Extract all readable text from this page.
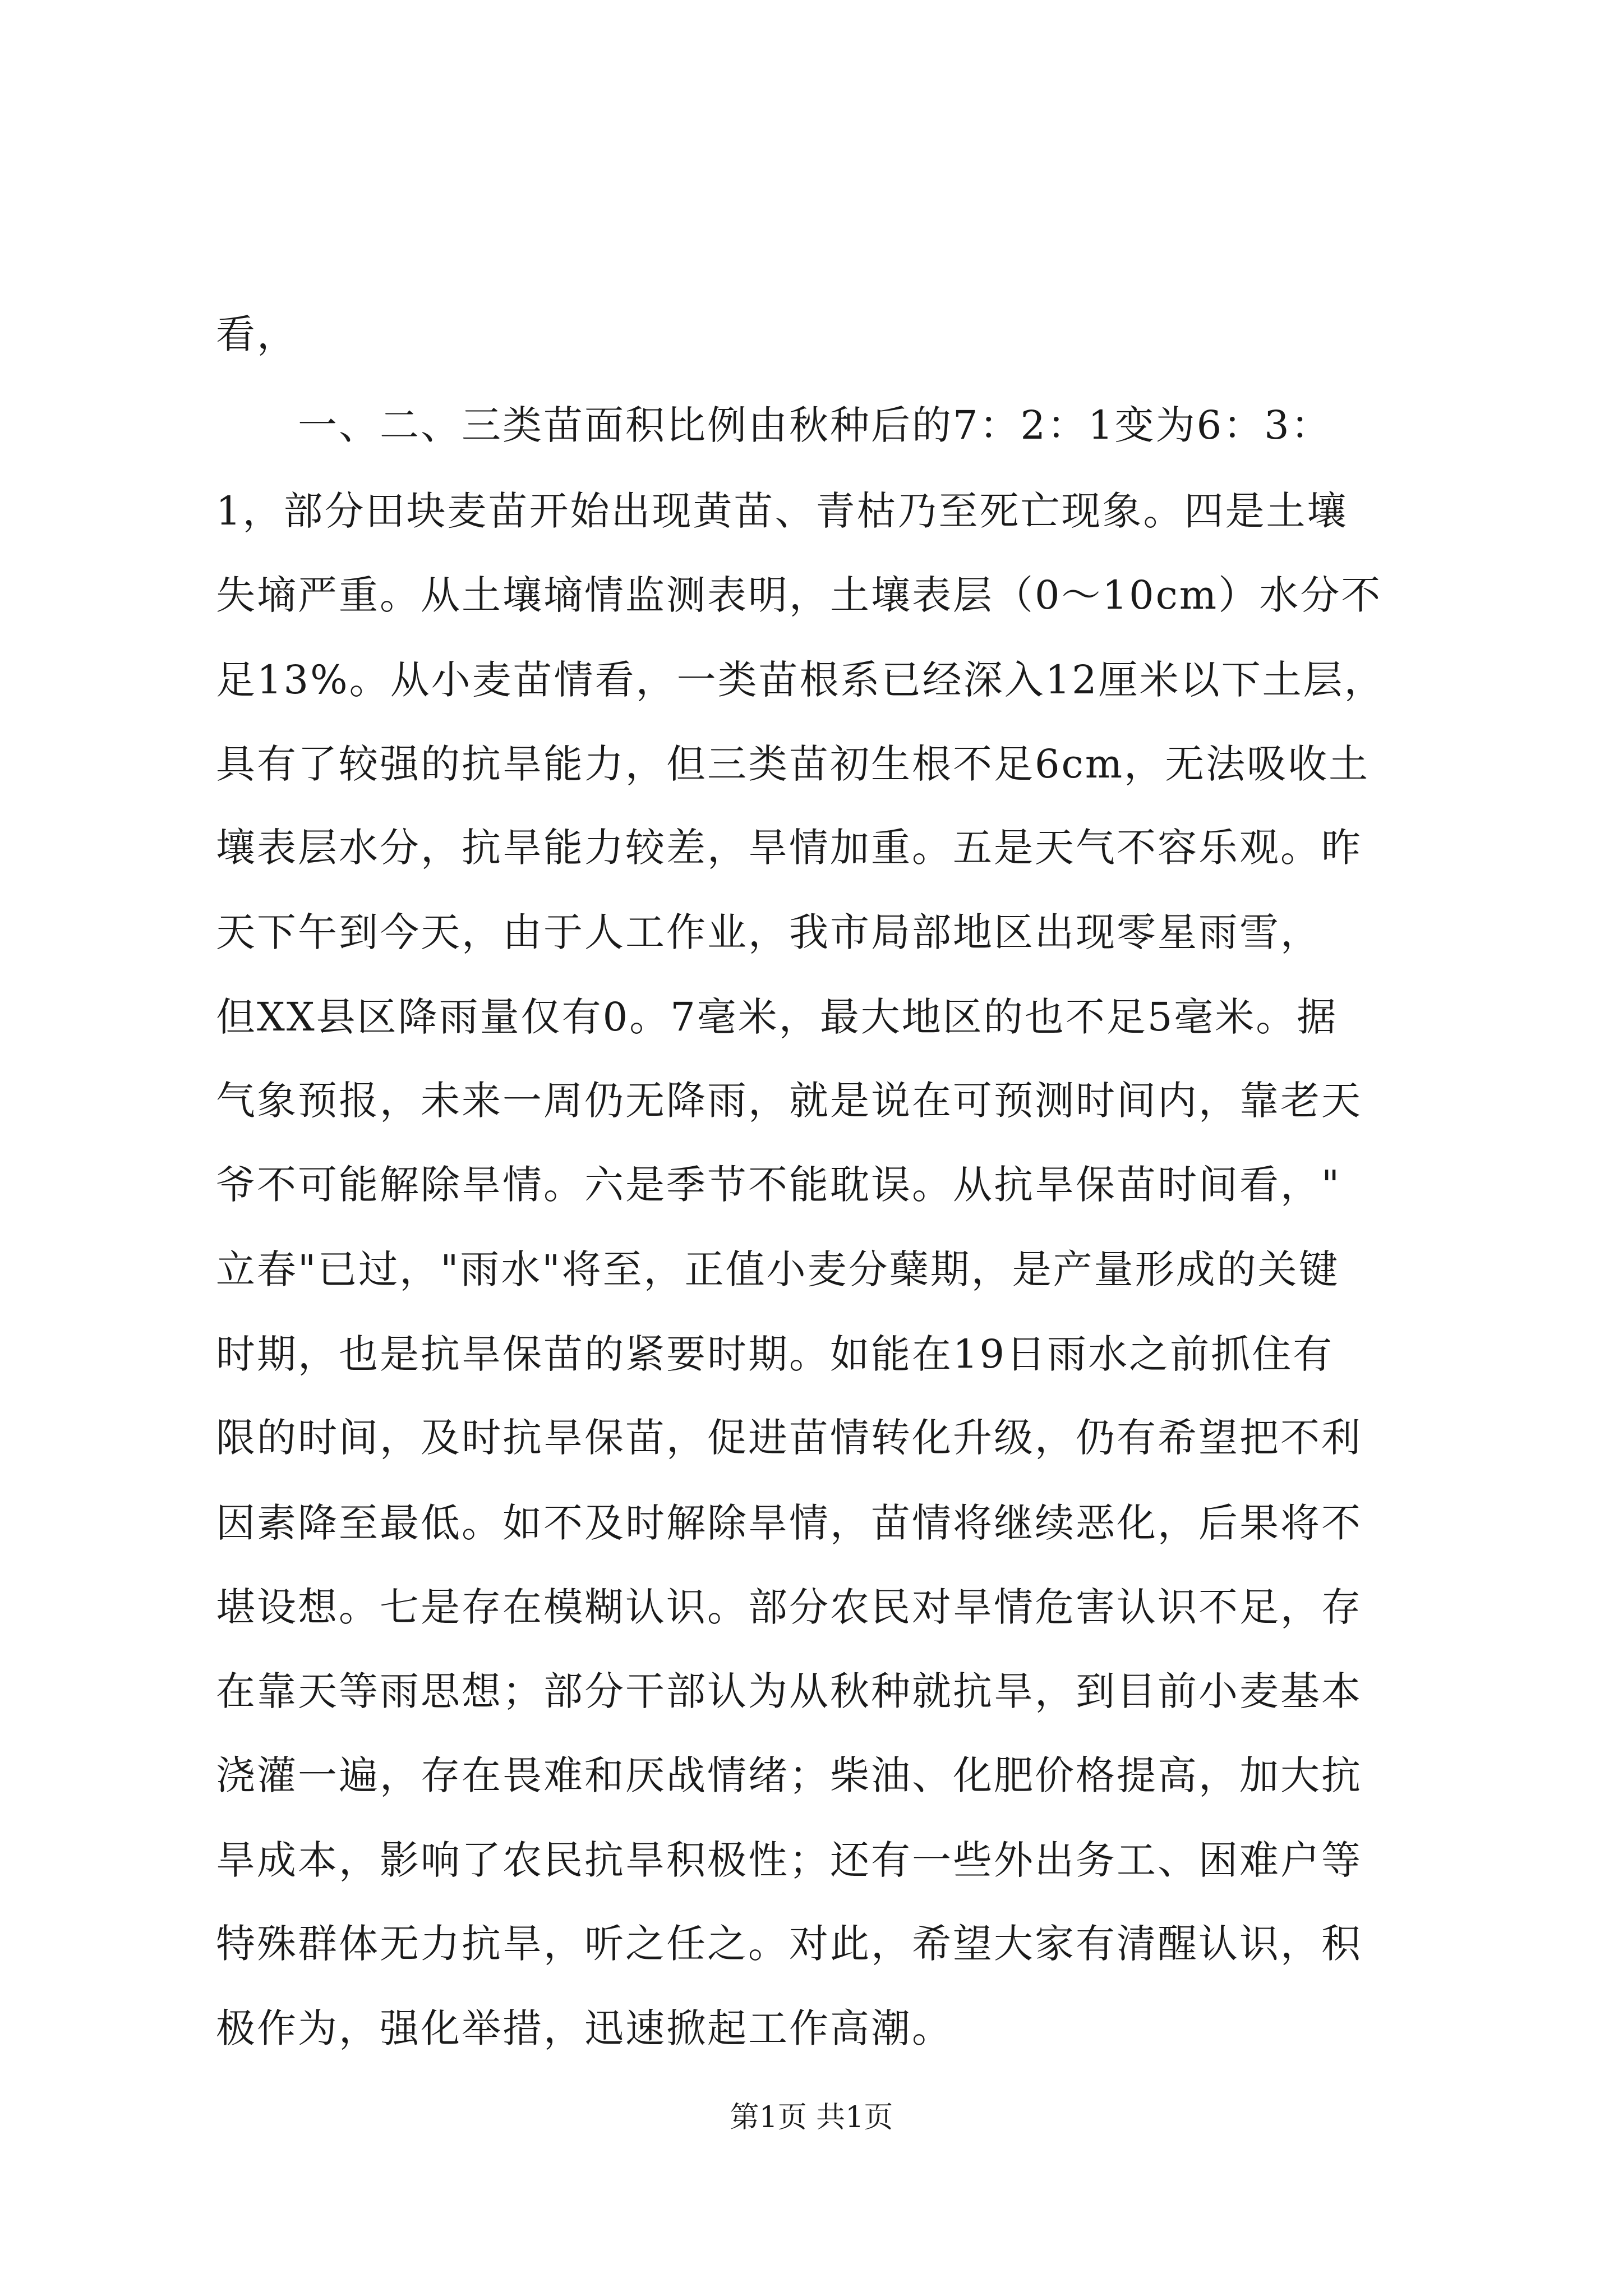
看，
　　一、二、三类苗面积比例由秋种后的7：2：1变为6：3：
1，部分田块麦苗开始出现黄苗、青枯乃至死亡现象。四是土壤
失墒严重。从土壤墒情监测表明，土壤表层（0～10cm）水分不
足13%。从小麦苗情看，一类苗根系已经深入12厘米以下土层，
具有了较强的抗旱能力，但三类苗初生根不足6cm，无法吸收土
壤表层水分，抗旱能力较差，旱情加重。五是天气不容乐观。昨
天下午到今天，由于人工作业，我市局部地区出现零星雨雪，
但XX县区降雨量仅有0。7毫米，最大地区的也不足5毫米。据
气象预报，未来一周仍无降雨，就是说在可预测时间内，靠老天
爷不可能解除旱情。六是季节不能耽误。从抗旱保苗时间看，"
立春"已过，"雨水"将至，正值小麦分蘖期，是产量形成的关键
时期，也是抗旱保苗的紧要时期。如能在19日雨水之前抓住有
限的时间，及时抗旱保苗，促进苗情转化升级，仍有希望把不利
因素降至最低。如不及时解除旱情，苗情将继续恶化，后果将不
堪设想。七是存在模糊认识。部分农民对旱情危害认识不足，存
在靠天等雨思想；部分干部认为从秋种就抗旱，到目前小麦基本
浇灌一遍，存在畏难和厌战情绪；柴油、化肥价格提高，加大抗
旱成本，影响了农民抗旱积极性；还有一些外出务工、困难户等
特殊群体无力抗旱，听之任之。对此，希望大家有清醒认识，积
极作为，强化举措，迅速掀起工作高潮。
第1页 共1页
